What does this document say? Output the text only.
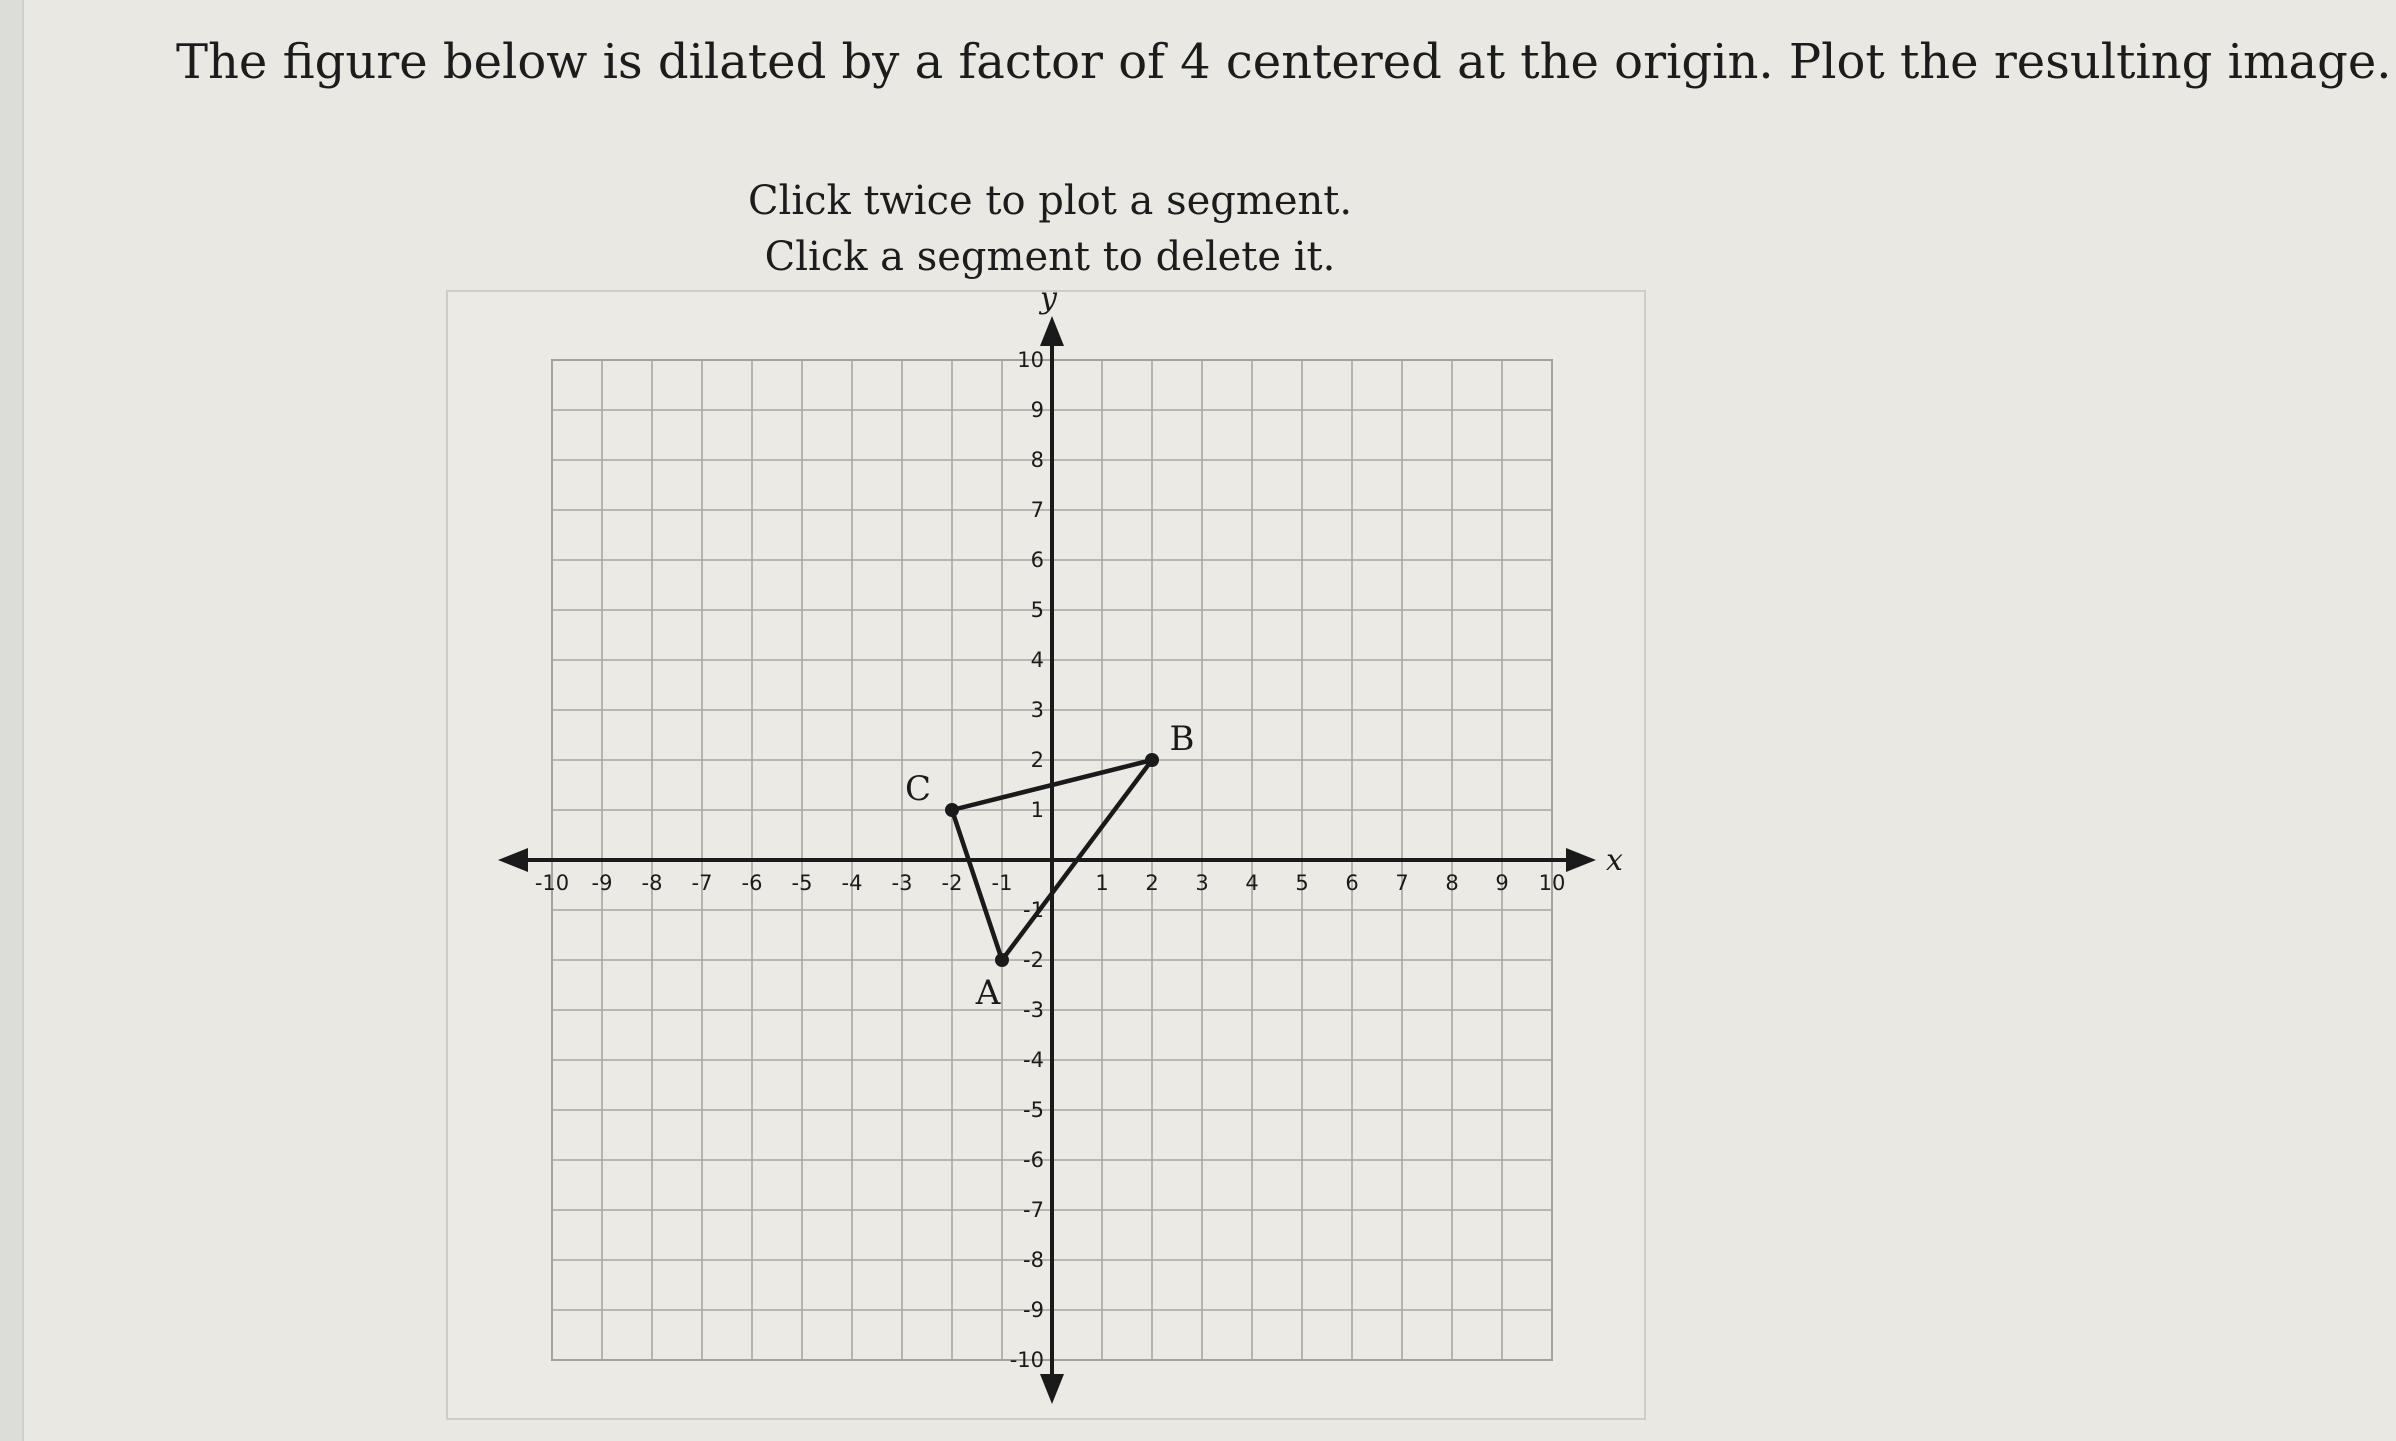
The figure below is dilated by a factor of 4 centered at the origin. Plot the resulting image.
Click twice to plot a segment.
Click a segment to delete it.
x
y
-10 -9 -8 -7 -6 -5 -4 -3 -2 -1	1 2 3 4 5 6 7 8 9 10
10
9
8
7
6
5
4
3
2
1
-1
-2
-3
-4
-5
-6
-7
-8
-9
-10
A
B
C
